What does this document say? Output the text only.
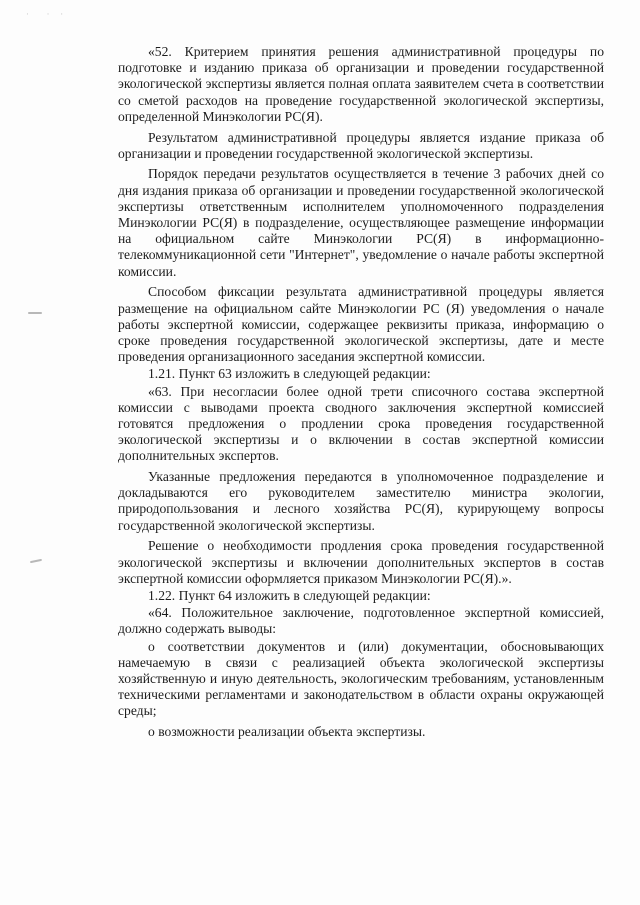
·  · ·

«52. Критерием принятия решения административной процедуры по подготовке и изданию приказа об организации и проведении государственной экологической экспертизы является полная оплата заявителем счета в соответствии со сметой расходов на проведение государственной экологической экспертизы, определенной Минэкологии РС(Я).

Результатом административной процедуры является издание приказа об организации и проведении государственной экологической экспертизы.

Порядок передачи результатов осуществляется в течение 3 рабочих дней со дня издания приказа об организации и проведении государственной экологической экспертизы ответственным исполнителем уполномоченного подразделения Минэкологии РС(Я) в подразделение, осуществляющее размещение информации на официальном сайте Минэкологии РС(Я) в информационно-телекоммуникационной сети "Интернет", уведомление о начале работы экспертной комиссии.

Способом фиксации результата административной процедуры является размещение на официальном сайте Минэкологии РС (Я) уведомления о начале работы экспертной комиссии, содержащее реквизиты приказа, информацию о сроке проведения государственной экологической экспертизы, дате и месте проведения организационного заседания экспертной комиссии.

1.21. Пункт 63 изложить в следующей редакции:

«63. При несогласии более одной трети списочного состава экспертной комиссии с выводами проекта сводного заключения экспертной комиссией готовятся предложения о продлении срока проведения государственной экологической экспертизы и о включении в состав экспертной комиссии дополнительных экспертов.

Указанные предложения передаются в уполномоченное подразделение и докладываются его руководителем заместителю министра экологии, природопользования и лесного хозяйства РС(Я), курирующему вопросы государственной экологической экспертизы.

Решение о необходимости продления срока проведения государственной экологической экспертизы и включении дополнительных экспертов в состав экспертной комиссии оформляется приказом Минэкологии РС(Я).».

1.22. Пункт 64 изложить в следующей редакции:

«64. Положительное заключение, подготовленное экспертной комиссией, должно содержать выводы:

о соответствии документов и (или) документации, обосновывающих намечаемую в связи с реализацией объекта экологической экспертизы хозяйственную и иную деятельность, экологическим требованиям, установленным техническими регламентами и законодательством в области охраны окружающей среды;

о возможности реализации объекта экспертизы.
